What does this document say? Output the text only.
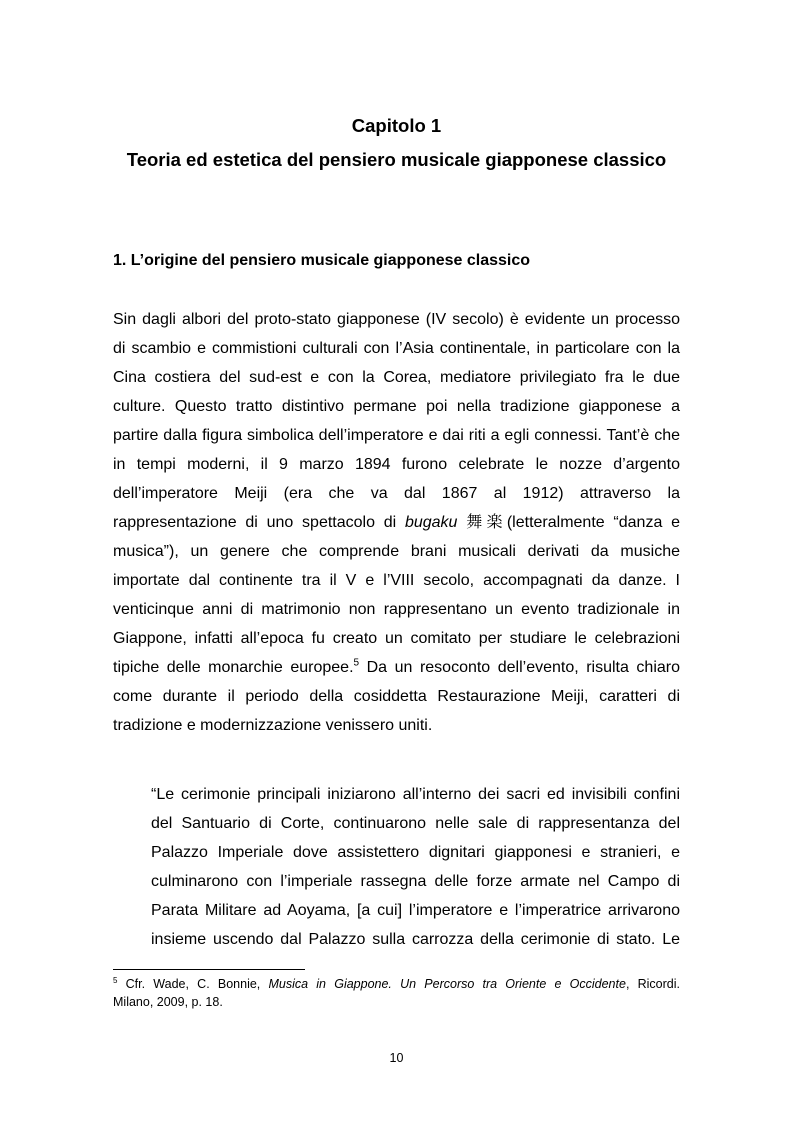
Capitolo 1
Teoria ed estetica del pensiero musicale giapponese classico
1. L’origine del pensiero musicale giapponese classico
Sin dagli albori del proto-stato giapponese (IV secolo) è evidente un processo
di scambio e commistioni culturali con l’Asia continentale, in particolare con la
Cina costiera del sud-est e con la Corea, mediatore privilegiato fra le due
culture. Questo tratto distintivo permane poi nella tradizione giapponese a
partire dalla figura simbolica dell’imperatore e dai riti a egli connessi. Tant’è che
in tempi moderni, il 9 marzo 1894 furono celebrate le nozze d’argento
dell’imperatore Meiji (era che va dal 1867 al 1912) attraverso la
rappresentazione di uno spettacolo di bugaku 舞楽(letteralmente “danza e
musica”), un genere che comprende brani musicali derivati da musiche
importate dal continente tra il V e l’VIII secolo, accompagnati da danze. I
venticinque anni di matrimonio non rappresentano un evento tradizionale in
Giappone, infatti all’epoca fu creato un comitato per studiare le celebrazioni
tipiche delle monarchie europee.$^5$ Da un resoconto dell’evento, risulta chiaro
come durante il periodo della cosiddetta Restaurazione Meiji, caratteri di
tradizione e modernizzazione venissero uniti.
“Le cerimonie principali iniziarono all’interno dei sacri ed invisibili confini
del Santuario di Corte, continuarono nelle sale di rappresentanza del
Palazzo Imperiale dove assistettero dignitari giapponesi e stranieri, e
culminarono con l’imperiale rassegna delle forze armate nel Campo di
Parata Militare ad Aoyama, [a cui] l’imperatore e l’imperatrice arrivarono
insieme uscendo dal Palazzo sulla carrozza della cerimonie di stato. Le
$^5$ Cfr. Wade, C. Bonnie, Musica in Giappone. Un Percorso tra Oriente e Occidente, Ricordi.
Milano, 2009, p. 18.
10
